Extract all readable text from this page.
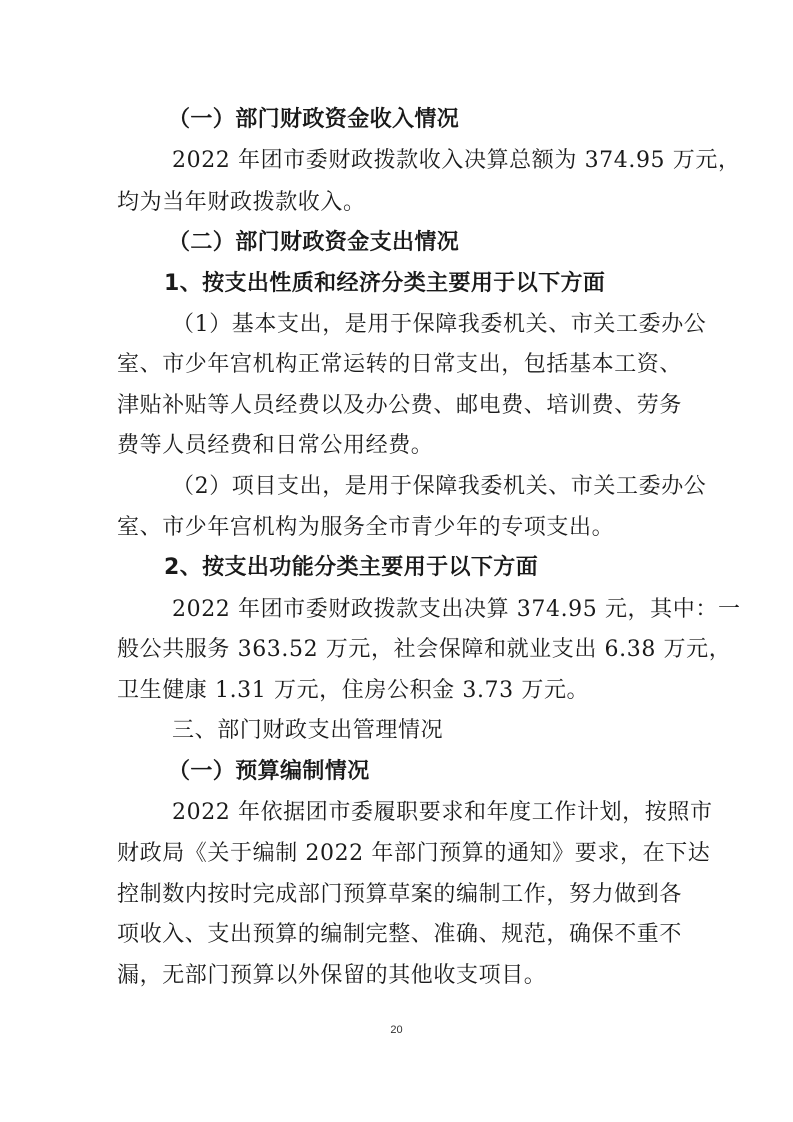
（一）部门财政资金收入情况
2022 年团市委财政拨款收入决算总额为 374.95 万元，
均为当年财政拨款收入。
（二）部门财政资金支出情况
1、按支出性质和经济分类主要用于以下方面
（1）基本支出，是用于保障我委机关、市关工委办公
室、市少年宫机构正常运转的日常支出，包括基本工资、
津贴补贴等人员经费以及办公费、邮电费、培训费、劳务
费等人员经费和日常公用经费。
（2）项目支出，是用于保障我委机关、市关工委办公
室、市少年宫机构为服务全市青少年的专项支出。
2、按支出功能分类主要用于以下方面
2022 年团市委财政拨款支出决算 374.95 元，其中：一
般公共服务 363.52 万元，社会保障和就业支出 6.38 万元，
卫生健康 1.31 万元，住房公积金 3.73 万元。
三、部门财政支出管理情况
（一）预算编制情况
2022 年依据团市委履职要求和年度工作计划，按照市
财政局《关于编制 2022 年部门预算的通知》要求，在下达
控制数内按时完成部门预算草案的编制工作，努力做到各
项收入、支出预算的编制完整、准确、规范，确保不重不
漏，无部门预算以外保留的其他收支项目。
20
